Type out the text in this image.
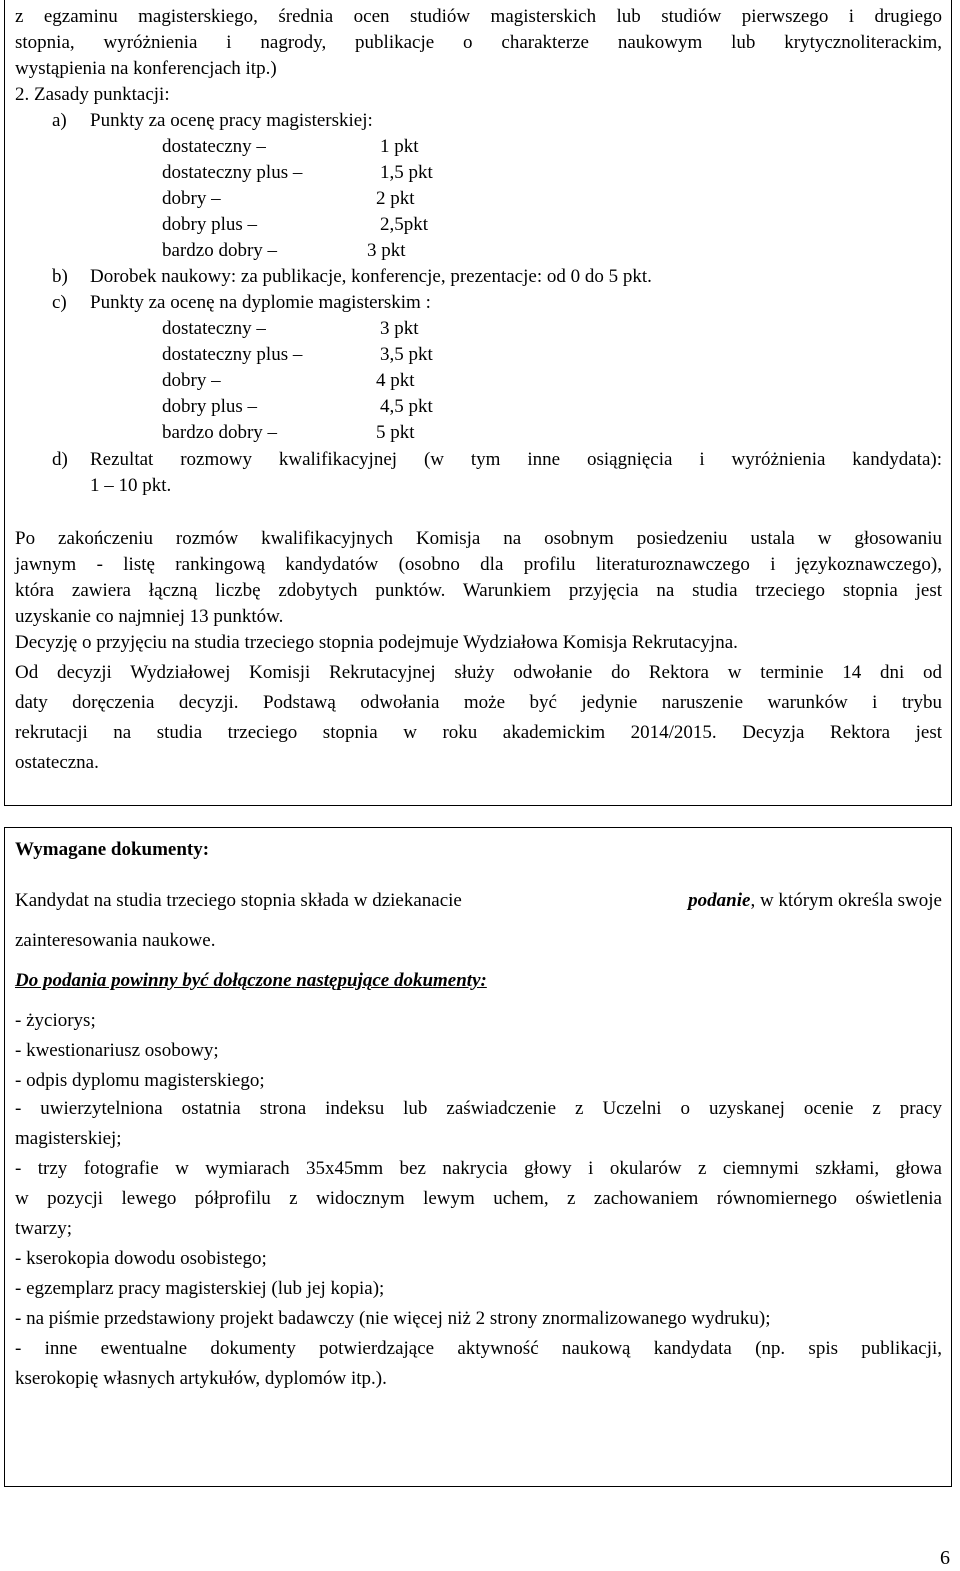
z egzaminu magisterskiego, średnia ocen studiów magisterskich lub studiów pierwszego i drugiego
stopnia, wyróżnienia i nagrody, publikacje o charakterze naukowym lub krytycznoliterackim,
wystąpienia na konferencjach itp.)
2. Zasady punktacji:
a) Punkty za ocenę pracy magisterskiej:
dostateczny –	1 pkt
dostateczny plus –	1,5 pkt
dobry –	2 pkt
dobry plus –	2,5pkt
bardzo dobry –	3 pkt
b) Dorobek naukowy: za publikacje, konferencje, prezentacje: od 0 do 5 pkt.
c) Punkty za ocenę na dyplomie magisterskim :
dostateczny –	3 pkt
dostateczny plus –	3,5 pkt
dobry –	4 pkt
dobry plus –	4,5 pkt
bardzo dobry –	5 pkt
d) Rezultat rozmowy kwalifikacyjnej (w tym inne osiągnięcia i wyróżnienia kandydata):
1 – 10 pkt.
Po zakończeniu rozmów kwalifikacyjnych Komisja na osobnym posiedzeniu ustala w głosowaniu
jawnym - listę rankingową kandydatów (osobno dla profilu literaturoznawczego i językoznawczego),
która zawiera łączną liczbę zdobytych punktów. Warunkiem przyjęcia na studia trzeciego stopnia jest
uzyskanie co najmniej 13 punktów.
Decyzję o przyjęciu na studia trzeciego stopnia podejmuje Wydziałowa Komisja Rekrutacyjna.
Od decyzji Wydziałowej Komisji Rekrutacyjnej służy odwołanie do Rektora w terminie 14 dni od
daty doręczenia decyzji. Podstawą odwołania może być jedynie naruszenie warunków i trybu
rekrutacji na studia trzeciego stopnia w roku akademickim 2014/2015. Decyzja Rektora jest
ostateczna.
Wymagane dokumenty:
Kandydat na studia trzeciego stopnia składa w dziekanacie	podanie, w którym określa swoje
zainteresowania naukowe.
Do podania powinny być dołączone następujące dokumenty:
- życiorys;
- kwestionariusz osobowy;
- odpis dyplomu magisterskiego;
- uwierzytelniona ostatnia strona indeksu lub zaświadczenie z Uczelni o uzyskanej ocenie z pracy
magisterskiej;
- trzy fotografie w wymiarach 35x45mm bez nakrycia głowy i okularów z ciemnymi szkłami, głowa
w pozycji lewego półprofilu z widocznym lewym uchem, z zachowaniem równomiernego oświetlenia
twarzy;
- kserokopia dowodu osobistego;
- egzemplarz pracy magisterskiej (lub jej kopia);
- na piśmie przedstawiony projekt badawczy (nie więcej niż 2 strony znormalizowanego wydruku);
- inne ewentualne dokumenty potwierdzające aktywność naukową kandydata (np. spis publikacji,
kserokopię własnych artykułów, dyplomów itp.).
6
